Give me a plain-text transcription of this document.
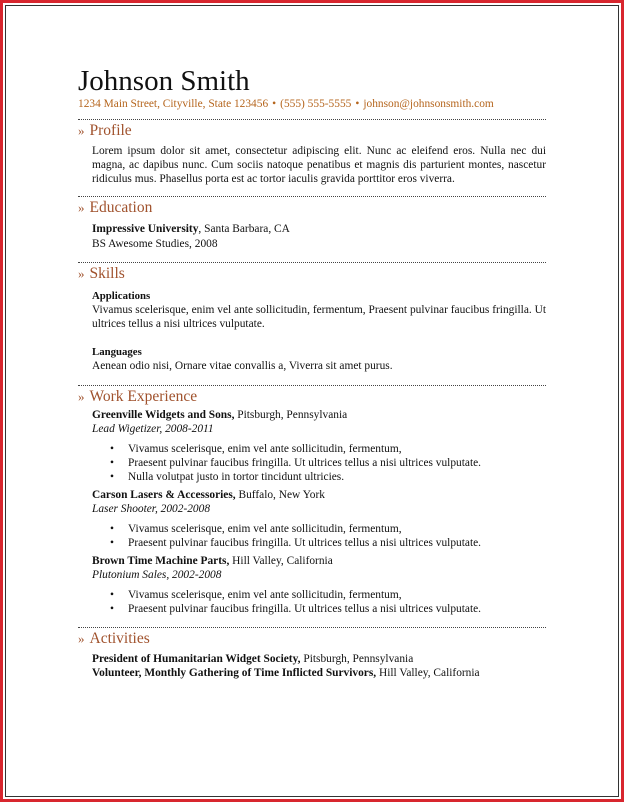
Johnson Smith
1234 Main Street, Cityville, State 123456 • (555) 555-5555 • johnson@johnsonsmith.com
» Profile
Lorem ipsum dolor sit amet, consectetur adipiscing elit. Nunc ac eleifend eros. Nulla nec dui magna, ac dapibus nunc. Cum sociis natoque penatibus et magnis dis parturient montes, nascetur ridiculus mus. Phasellus porta est ac tortor iaculis gravida porttitor eros viverra.
» Education
Impressive University, Santa Barbara, CA
BS Awesome Studies, 2008
» Skills
Applications
Vivamus scelerisque, enim vel ante sollicitudin, fermentum, Praesent pulvinar faucibus fringilla. Ut ultrices tellus a nisi ultrices vulputate.
Languages
Aenean odio nisi, Ornare vitae convallis a, Viverra sit amet purus.
» Work Experience
Greenville Widgets and Sons, Pitsburgh, Pennsylvania
Lead Wigetizer, 2008-2011
• Vivamus scelerisque, enim vel ante sollicitudin, fermentum,
• Praesent pulvinar faucibus fringilla. Ut ultrices tellus a nisi ultrices vulputate.
• Nulla volutpat justo in tortor tincidunt ultricies.
Carson Lasers & Accessories, Buffalo, New York
Laser Shooter, 2002-2008
• Vivamus scelerisque, enim vel ante sollicitudin, fermentum,
• Praesent pulvinar faucibus fringilla. Ut ultrices tellus a nisi ultrices vulputate.
Brown Time Machine Parts, Hill Valley, California
Plutonium Sales, 2002-2008
• Vivamus scelerisque, enim vel ante sollicitudin, fermentum,
• Praesent pulvinar faucibus fringilla. Ut ultrices tellus a nisi ultrices vulputate.
» Activities
President of Humanitarian Widget Society, Pitsburgh, Pennsylvania
Volunteer, Monthly Gathering of Time Inflicted Survivors, Hill Valley, California
